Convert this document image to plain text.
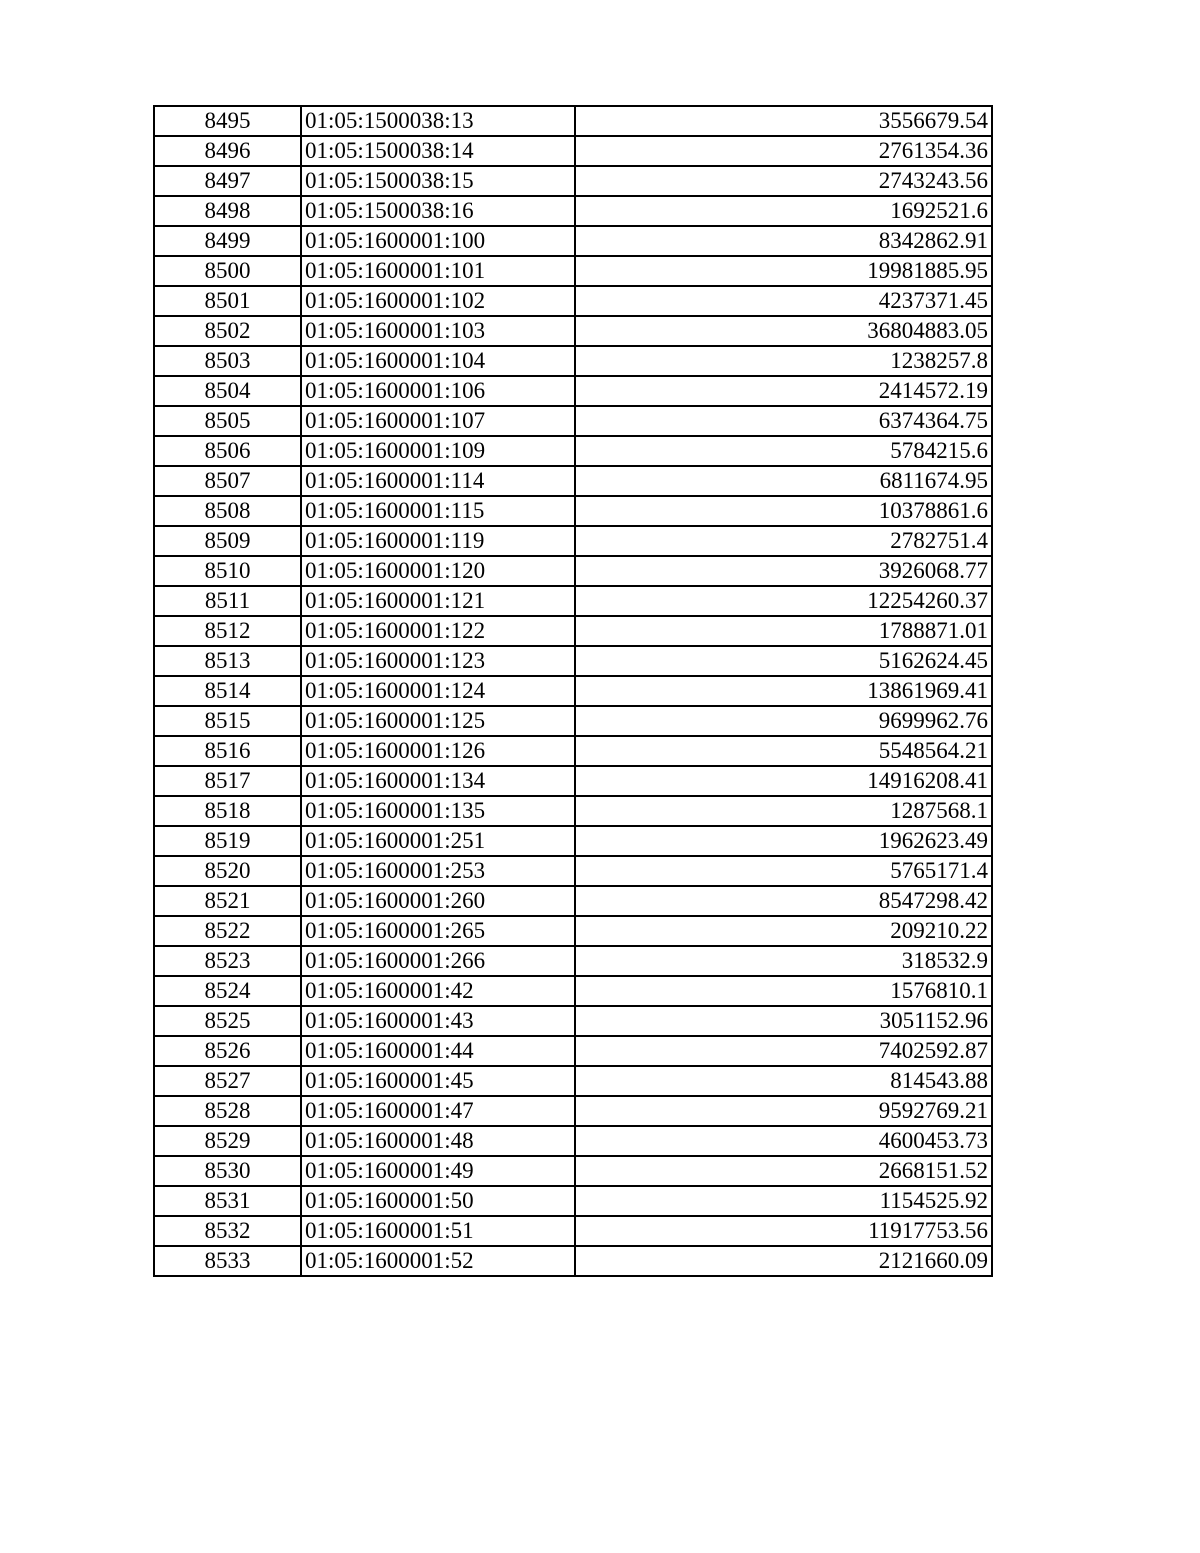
8495	01:05:1500038:13	3556679.54
8496	01:05:1500038:14	2761354.36
8497	01:05:1500038:15	2743243.56
8498	01:05:1500038:16	1692521.6
8499	01:05:1600001:100	8342862.91
8500	01:05:1600001:101	19981885.95
8501	01:05:1600001:102	4237371.45
8502	01:05:1600001:103	36804883.05
8503	01:05:1600001:104	1238257.8
8504	01:05:1600001:106	2414572.19
8505	01:05:1600001:107	6374364.75
8506	01:05:1600001:109	5784215.6
8507	01:05:1600001:114	6811674.95
8508	01:05:1600001:115	10378861.6
8509	01:05:1600001:119	2782751.4
8510	01:05:1600001:120	3926068.77
8511	01:05:1600001:121	12254260.37
8512	01:05:1600001:122	1788871.01
8513	01:05:1600001:123	5162624.45
8514	01:05:1600001:124	13861969.41
8515	01:05:1600001:125	9699962.76
8516	01:05:1600001:126	5548564.21
8517	01:05:1600001:134	14916208.41
8518	01:05:1600001:135	1287568.1
8519	01:05:1600001:251	1962623.49
8520	01:05:1600001:253	5765171.4
8521	01:05:1600001:260	8547298.42
8522	01:05:1600001:265	209210.22
8523	01:05:1600001:266	318532.9
8524	01:05:1600001:42	1576810.1
8525	01:05:1600001:43	3051152.96
8526	01:05:1600001:44	7402592.87
8527	01:05:1600001:45	814543.88
8528	01:05:1600001:47	9592769.21
8529	01:05:1600001:48	4600453.73
8530	01:05:1600001:49	2668151.52
8531	01:05:1600001:50	1154525.92
8532	01:05:1600001:51	11917753.56
8533	01:05:1600001:52	2121660.09
